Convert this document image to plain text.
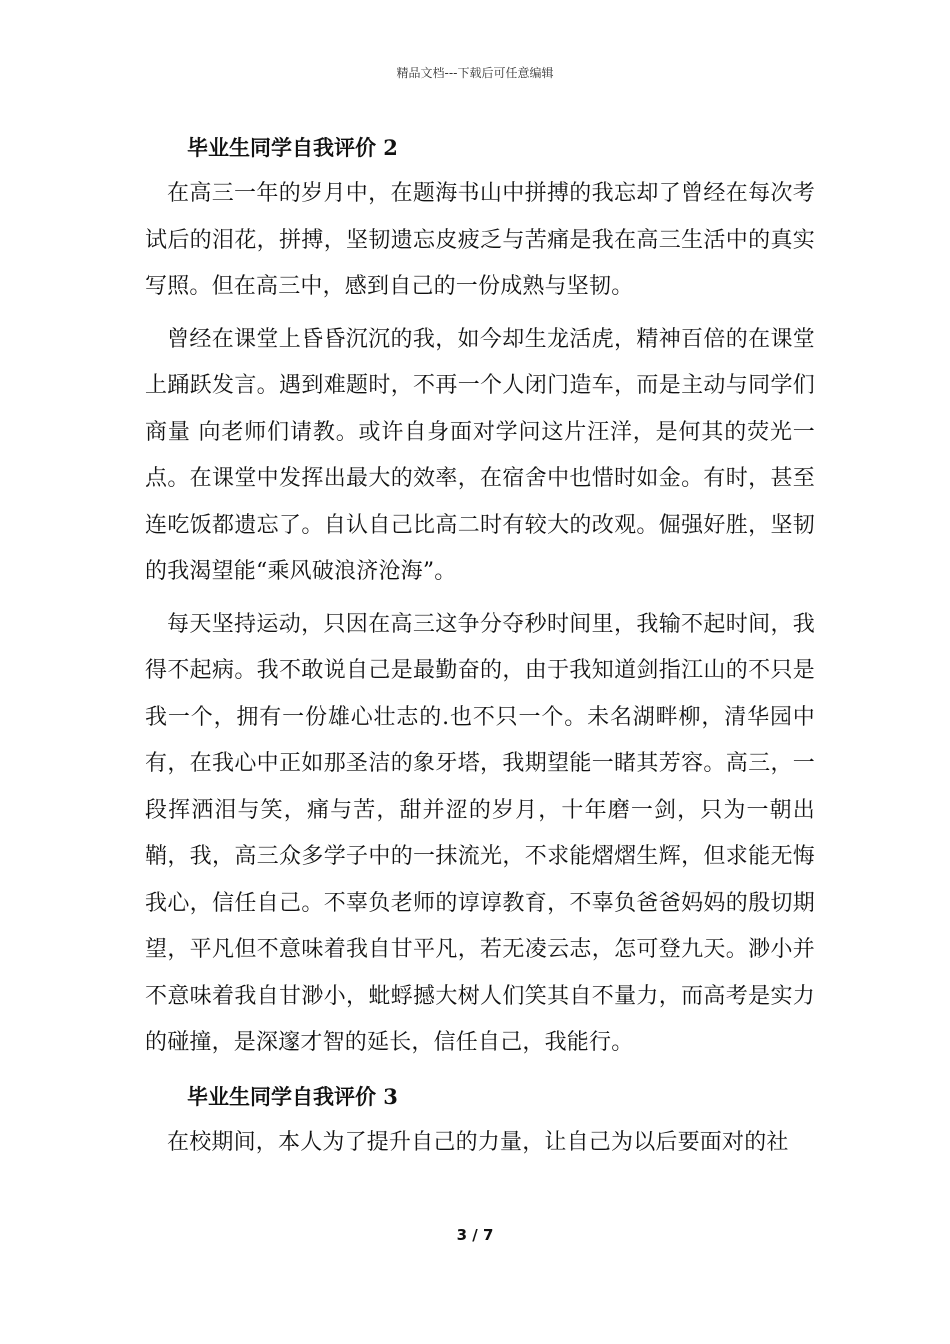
精品文档---下载后可任意编辑
毕业生同学自我评价 2

在高三一年的岁月中，在题海书山中拼搏的我忘却了曾经在每次考试后的泪花，拼搏，坚韧遗忘皮疲乏与苦痛是我在高三生活中的真实写照。但在高三中，感到自己的一份成熟与坚韧。

曾经在课堂上昏昏沉沉的我，如今却生龙活虎，精神百倍的在课堂上踊跃发言。遇到难题时，不再一个人闭门造车，而是主动与同学们商量 向老师们请教。或许自身面对学问这片汪洋，是何其的荧光一点。在课堂中发挥出最大的效率，在宿舍中也惜时如金。有时，甚至连吃饭都遗忘了。自认自己比高二时有较大的改观。倔强好胜，坚韧的我渴望能“乘风破浪济沧海”。

每天坚持运动，只因在高三这争分夺秒时间里，我输不起时间，我得不起病。我不敢说自己是最勤奋的，由于我知道剑指江山的不只是我一个，拥有一份雄心壮志的.也不只一个。未名湖畔柳，清华园中有，在我心中正如那圣洁的象牙塔，我期望能一睹其芳容。高三，一段挥洒泪与笑，痛与苦，甜并涩的岁月，十年磨一剑，只为一朝出鞘，我，高三众多学子中的一抹流光，不求能熠熠生辉，但求能无悔我心，信任自己。不辜负老师的谆谆教育，不辜负爸爸妈妈的殷切期望，平凡但不意味着我自甘平凡，若无凌云志，怎可登九天。渺小并不意味着我自甘渺小，蚍蜉撼大树人们笑其自不量力，而高考是实力的碰撞，是深邃才智的延长，信任自己，我能行。

毕业生同学自我评价 3

在校期间，本人为了提升自己的力量，让自己为以后要面对的社

3 / 7
